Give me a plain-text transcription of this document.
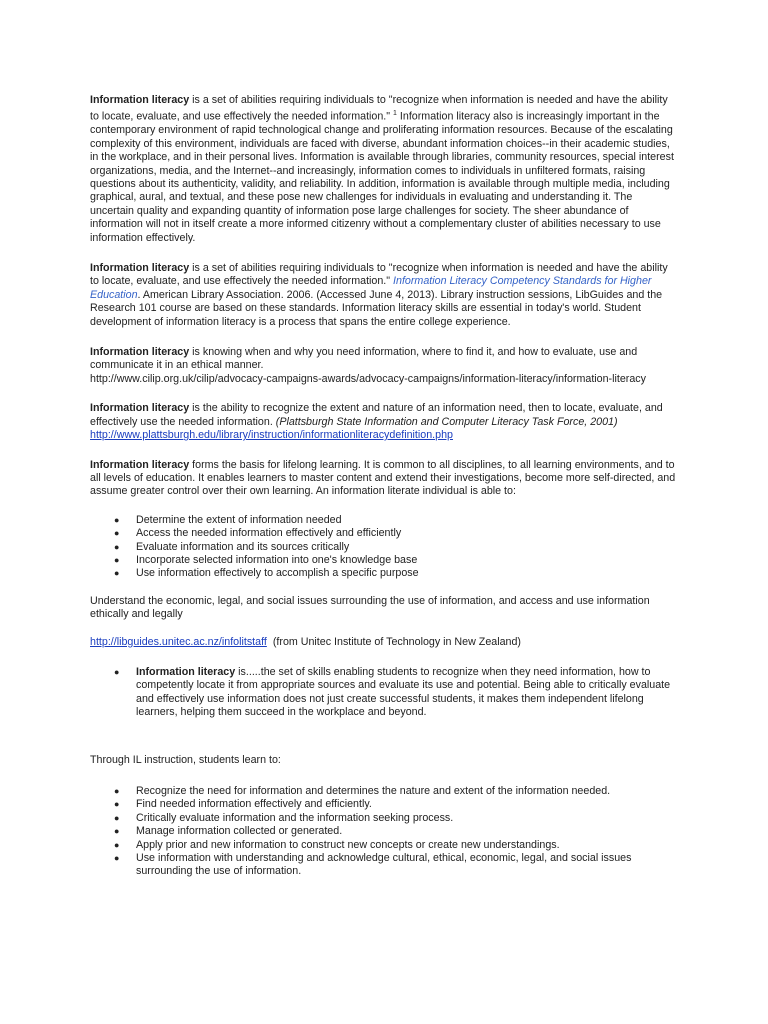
Information literacy is a set of abilities requiring individuals to "recognize when information is needed and have the ability to locate, evaluate, and use effectively the needed information." $^1$ Information literacy also is increasingly important in the contemporary environment of rapid technological change and proliferating information resources. Because of the escalating complexity of this environment, individuals are faced with diverse, abundant information choices--in their academic studies, in the workplace, and in their personal lives. Information is available through libraries, community resources, special interest organizations, media, and the Internet--and increasingly, information comes to individuals in unfiltered formats, raising questions about its authenticity, validity, and reliability. In addition, information is available through multiple media, including graphical, aural, and textual, and these pose new challenges for individuals in evaluating and understanding it. The uncertain quality and expanding quantity of information pose large challenges for society. The sheer abundance of information will not in itself create a more informed citizenry without a complementary cluster of abilities necessary to use information effectively.

Information literacy is a set of abilities requiring individuals to "recognize when information is needed and have the ability to locate, evaluate, and use effectively the needed information." Information Literacy Competency Standards for Higher Education. American Library Association. 2006. (Accessed June 4, 2013). Library instruction sessions, LibGuides and the Research 101 course are based on these standards. Information literacy skills are essential in today's world. Student development of information literacy is a process that spans the entire college experience.

Information literacy is knowing when and why you need information, where to find it, and how to evaluate, use and communicate it in an ethical manner.
http://www.cilip.org.uk/cilip/advocacy-campaigns-awards/advocacy-campaigns/information-literacy/information-literacy

Information literacy is the ability to recognize the extent and nature of an information need, then to locate, evaluate, and effectively use the needed information. (Plattsburgh State Information and Computer Literacy Task Force, 2001)
http://www.plattsburgh.edu/library/instruction/informationliteracydefinition.php

Information literacy forms the basis for lifelong learning. It is common to all disciplines, to all learning environments, and to all levels of education. It enables learners to master content and extend their investigations, become more self-directed, and assume greater control over their own learning. An information literate individual is able to:

● Determine the extent of information needed
● Access the needed information effectively and efficiently
● Evaluate information and its sources critically
● Incorporate selected information into one's knowledge base
● Use information effectively to accomplish a specific purpose

Understand the economic, legal, and social issues surrounding the use of information, and access and use information ethically and legally

http://libguides.unitec.ac.nz/infolitstaff (from Unitec Institute of Technology in New Zealand)

● Information literacy is.....the set of skills enabling students to recognize when they need information, how to competently locate it from appropriate sources and evaluate its use and potential. Being able to critically evaluate and effectively use information does not just create successful students, it makes them independent lifelong learners, helping them succeed in the workplace and beyond.

Through IL instruction, students learn to:

● Recognize the need for information and determines the nature and extent of the information needed.
● Find needed information effectively and efficiently.
● Critically evaluate information and the information seeking process.
● Manage information collected or generated.
● Apply prior and new information to construct new concepts or create new understandings.
● Use information with understanding and acknowledge cultural, ethical, economic, legal, and social issues surrounding the use of information.
